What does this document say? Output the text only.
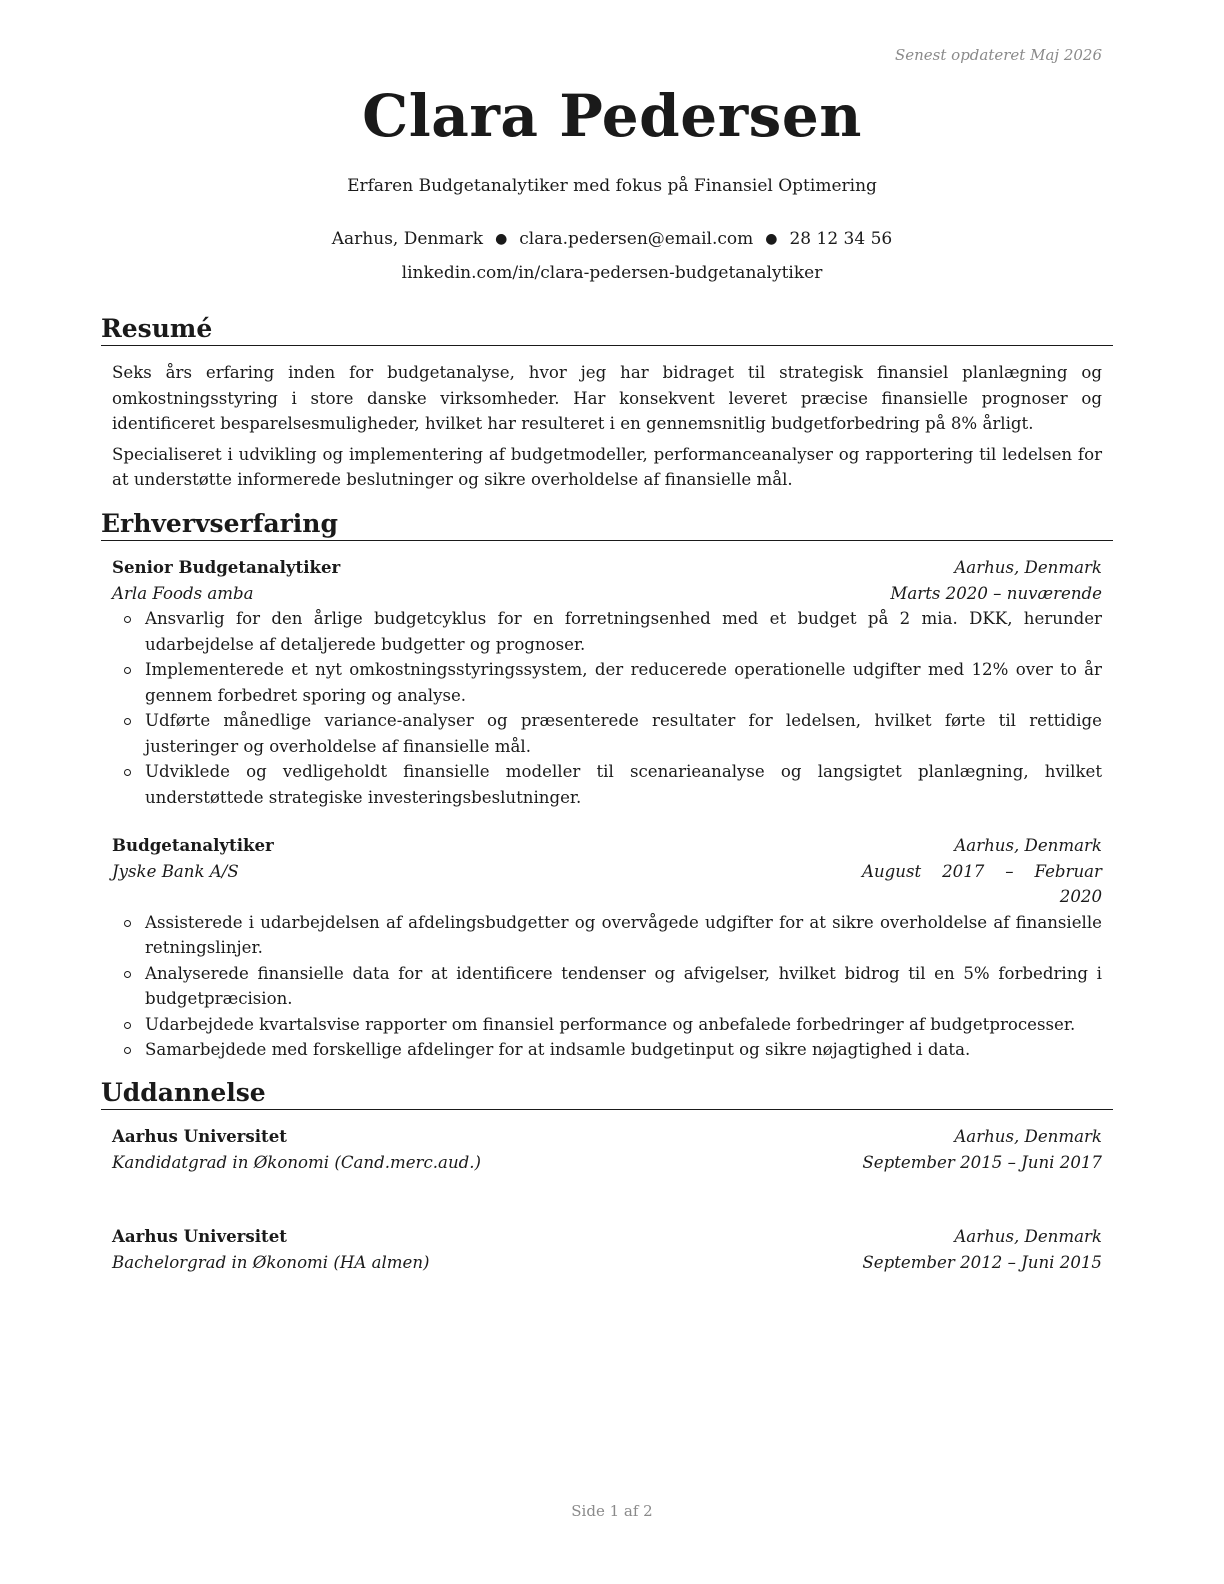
Senest opdateret Maj 2026
Clara Pedersen
Erfaren Budgetanalytiker med fokus på Finansiel Optimering
Aarhus, Denmark ● clara.pedersen@email.com ● 28 12 34 56
linkedin.com/in/clara-pedersen-budgetanalytiker
Resumé

Seks års erfaring inden for budgetanalyse, hvor jeg har bidraget til strategisk finansiel planlægning og omkostningsstyring i store danske virksomheder. Har konsekvent leveret præcise finansielle prognoser og identificeret besparelsesmuligheder, hvilket har resulteret i en gennemsnitlig budgetforbedring på 8% årligt.

Specialiseret i udvikling og implementering af budgetmodeller, performanceanalyser og rapportering til ledelsen for at understøtte informerede beslutninger og sikre overholdelse af finansielle mål.

Erhvervserfaring
Senior Budgetanalytiker	Aarhus, Denmark
Arla Foods amba	Marts 2020 – nuværende
Ansvarlig for den årlige budgetcyklus for en forretningsenhed med et budget på 2 mia. DKK, herunder udarbejdelse af detaljerede budgetter og prognoser.
Implementerede et nyt omkostningsstyringssystem, der reducerede operationelle udgifter med 12% over to år gennem forbedret sporing og analyse.
Udførte månedlige variance-analyser og præsenterede resultater for ledelsen, hvilket førte til rettidige justeringer og overholdelse af finansielle mål.
Udviklede og vedligeholdt finansielle modeller til scenarieanalyse og langsigtet planlægning, hvilket understøttede strategiske investeringsbeslutninger.
Budgetanalytiker	Aarhus, Denmark
Jyske Bank A/S	August 2017 – Februar 2020
Assisterede i udarbejdelsen af afdelingsbudgetter og overvågede udgifter for at sikre overholdelse af finansielle retningslinjer.
Analyserede finansielle data for at identificere tendenser og afvigelser, hvilket bidrog til en 5% forbedring i budgetpræcision.
Udarbejdede kvartalsvise rapporter om finansiel performance og anbefalede forbedringer af budgetprocesser.
Samarbejdede med forskellige afdelinger for at indsamle budgetinput og sikre nøjagtighed i data.
Uddannelse
Aarhus Universitet	Aarhus, Denmark
Kandidatgrad in Økonomi (Cand.merc.aud.)	September 2015 – Juni 2017
Aarhus Universitet	Aarhus, Denmark
Bachelorgrad in Økonomi (HA almen)	September 2012 – Juni 2015
Side 1 af 2
